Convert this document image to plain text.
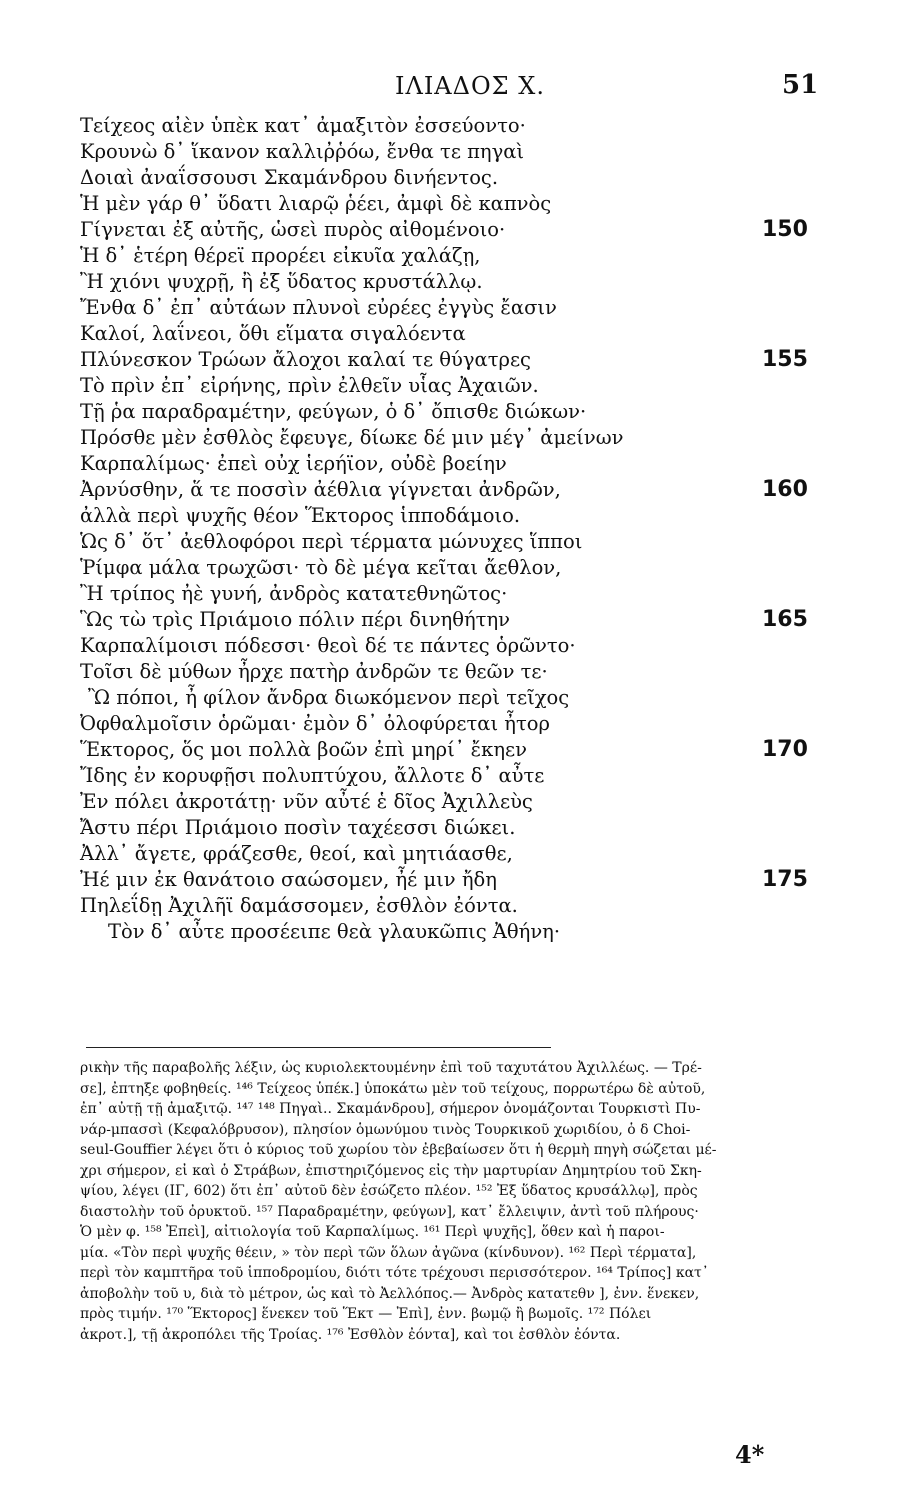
ΙΛΙΑΔΟΣ Χ.	51
Τείχεος αἰὲν ὑπὲκ κατ᾽ ἀμαξιτὸν ἐσσεύοντο·
Κρουνὼ δ᾽ ἵκανον καλλιῤῥόω, ἔνθα τε πηγαὶ
Δοιαὶ ἀναΐσσουσι Σκαμάνδρου δινήεντος.
Ἡ μὲν γάρ θ᾽ ὕδατι λιαρῷ ῥέει, ἀμφὶ δὲ καπνὸς
Γίγνεται ἐξ αὐτῆς, ὡσεὶ πυρὸς αἰθομένοιο·
Ἡ δ᾽ ἑτέρη θέρεϊ προρέει εἰκυῖα χαλάζῃ,
Ἢ χιόνι ψυχρῇ, ἢ ἐξ ὕδατος κρυστάλλῳ.
Ἔνθα δ᾽ ἐπ᾽ αὐτάων πλυνοὶ εὐρέες ἐγγὺς ἔασιν
Καλοί, λαΐνεοι, ὅθι εἵματα σιγαλόεντα
Πλύνεσκον Τρώων ἄλοχοι καλαί τε θύγατρες
Τὸ πρὶν ἐπ᾽ εἰρήνης, πρὶν ἐλθεῖν υἷας Ἀχαιῶν.
Τῇ ῥα παραδραμέτην, φεύγων, ὁ δ᾽ ὄπισθε διώκων·
Πρόσθε μὲν ἐσθλὸς ἔφευγε, δίωκε δέ μιν μέγ᾽ ἀμείνων
Καρπαλίμως· ἐπεὶ οὐχ ἱερήϊον, οὐδὲ βοείην
Ἀρνύσθην, ἅ τε ποσσὶν ἀέθλια γίγνεται ἀνδρῶν,
ἀλλὰ περὶ ψυχῆς θέον Ἕκτορος ἱπποδάμοιο.
Ὡς δ᾽ ὅτ᾽ ἀεθλοφόροι περὶ τέρματα μώνυχες ἵπποι
Ῥίμφα μάλα τρωχῶσι· τὸ δὲ μέγα κεῖται ἄεθλον,
Ἢ τρίπος ἠὲ γυνή, ἀνδρὸς κατατεθνηῶτος·
Ὣς τὼ τρὶς Πριάμοιο πόλιν πέρι δινηθήτην
Καρπαλίμοισι πόδεσσι· θεοὶ δέ τε πάντες ὁρῶντο·
Τοῖσι δὲ μύθων ἦρχε πατὴρ ἀνδρῶν τε θεῶν τε·
Ὢ πόποι, ἦ φίλον ἄνδρα διωκόμενον περὶ τεῖχος
Ὀφθαλμοῖσιν ὁρῶμαι· ἐμὸν δ᾽ ὀλοφύρεται ἦτορ
Ἕκτορος, ὅς μοι πολλὰ βοῶν ἐπὶ μηρί᾽ ἔκηεν
Ἴδης ἐν κορυφῇσι πολυπτύχου, ἄλλοτε δ᾽ αὖτε
Ἐν πόλει ἀκροτάτῃ· νῦν αὖτέ ἑ δῖος Ἀχιλλεὺς
Ἄστυ πέρι Πριάμοιο ποσὶν ταχέεσσι διώκει.
Ἀλλ᾽ ἄγετε, φράζεσθε, θεοί, καὶ μητιάασθε,
Ἠέ μιν ἐκ θανάτοιο σαώσομεν, ἦέ μιν ἤδη
Πηλεΐδῃ Ἀχιλῆϊ δαμάσσομεν, ἐσθλὸν ἐόντα.
Τὸν δ᾽ αὖτε προσέειπε θεὰ γλαυκῶπις Ἀθήνη·
ρικὴν τῆς παραβολῆς λέξιν, ὡς κυριολεκτουμένην ἐπὶ τοῦ ταχυτάτου Ἀχιλλέως. — Τρέ-
σε], ἐπτηξε φοβηθείς. ¹⁴⁶ Τείχεος ὑπέκ.] ὑποκάτω μὲν τοῦ τείχους, πορρωτέρω δὲ αὐτοῦ,
ἐπ᾽ αὐτῇ τῇ ἀμαξιτῷ. ¹⁴⁷ ¹⁴⁸ Πηγαὶ.. Σκαμάνδρου], σήμερον ὀνομάζονται Τουρκιστὶ Πυ-
νάρ-μπασσὶ (Κεφαλόβρυσον), πλησίον ὁμωνύμου τινὸς Τουρκικοῦ χωριδίου, ὁ δ Choi-
seul-Gouffier λέγει ὅτι ὁ κύριος τοῦ χωρίου τὸν ἐβεβαίωσεν ὅτι ἡ θερμὴ πηγὴ σώζεται μέ-
χρι σήμερον, εἰ καὶ ὁ Στράβων, ἐπιστηριζόμενος εἰς τὴν μαρτυρίαν Δημητρίου τοῦ Σκη-
ψίου, λέγει (ΙΓ, 602) ὅτι ἐπ᾽ αὐτοῦ δὲν ἐσώζετο πλέον. ¹⁵² Ἐξ ὕδατος κρυσάλλῳ], πρὸς
διαστολὴν τοῦ ὀρυκτοῦ. ¹⁵⁷ Παραδραμέτην, φεύγων], κατ᾽ ἔλλειψιν, ἀντὶ τοῦ πλήρους·
Ὁ μὲν φ. ¹⁵⁸ Ἐπεὶ], αἰτιολογία τοῦ Καρπαλίμως. ¹⁶¹ Περὶ ψυχῆς], ὅθεν καὶ ἡ παροι-
μία. «Τὸν περὶ ψυχῆς θέειν, » τὸν περὶ τῶν ὅλων ἀγῶνα (κίνδυνον). ¹⁶² Περὶ τέρματα],
περὶ τὸν καμπτῆρα τοῦ ἱπποδρομίου, διότι τότε τρέχουσι περισσότερον. ¹⁶⁴ Τρίπος] κατ᾽
ἀποβολὴν τοῦ υ, διὰ τὸ μέτρον, ὡς καὶ τὸ Ἀελλόπος.— Ἀνδρὸς κατατεθν ], ἐνν. ἕνεκεν,
πρὸς τιμήν. ¹⁷⁰ Ἕκτορος] ἕνεκεν τοῦ Ἕκτ — Ἐπὶ], ἐνν. βωμῷ ἢ βωμοῖς. ¹⁷² Πόλει
ἀκροτ.], τῇ ἀκροπόλει τῆς Τροίας. ¹⁷⁶ Ἐσθλὸν ἐόντα], καὶ τοι ἐσθλὸν ἐόντα.
4*
150
155
160
165
170
175
